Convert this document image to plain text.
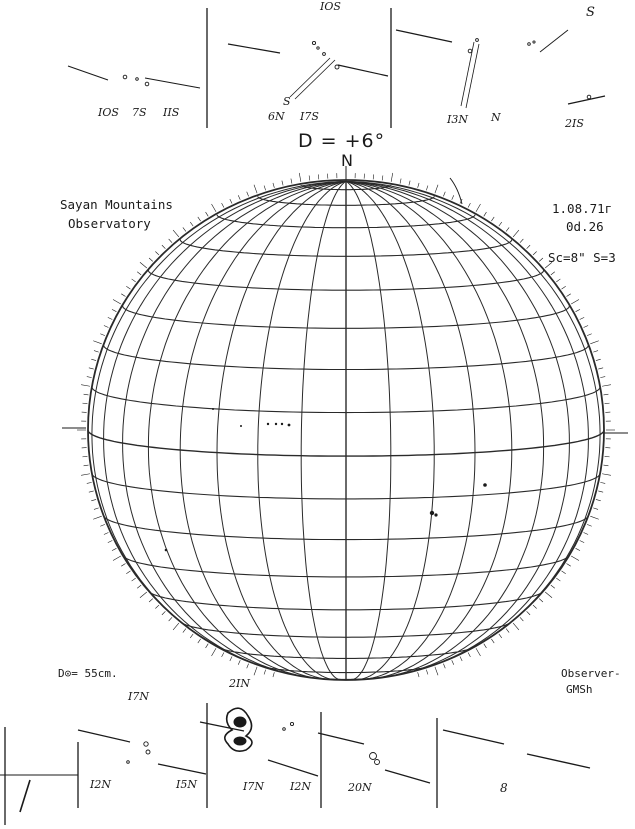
D = +6°
N
Sayan Mountains
Observatory
1.08.71г
0d.26
Sc=8" S=3
D⊙= 55cm.	Observer-
GMSh
IOS 7S IIS
IOS
S
6N I7S
S
I3N N	2IS
I7N
I2N	I5N
2IN
I7N I2N	20N	8
